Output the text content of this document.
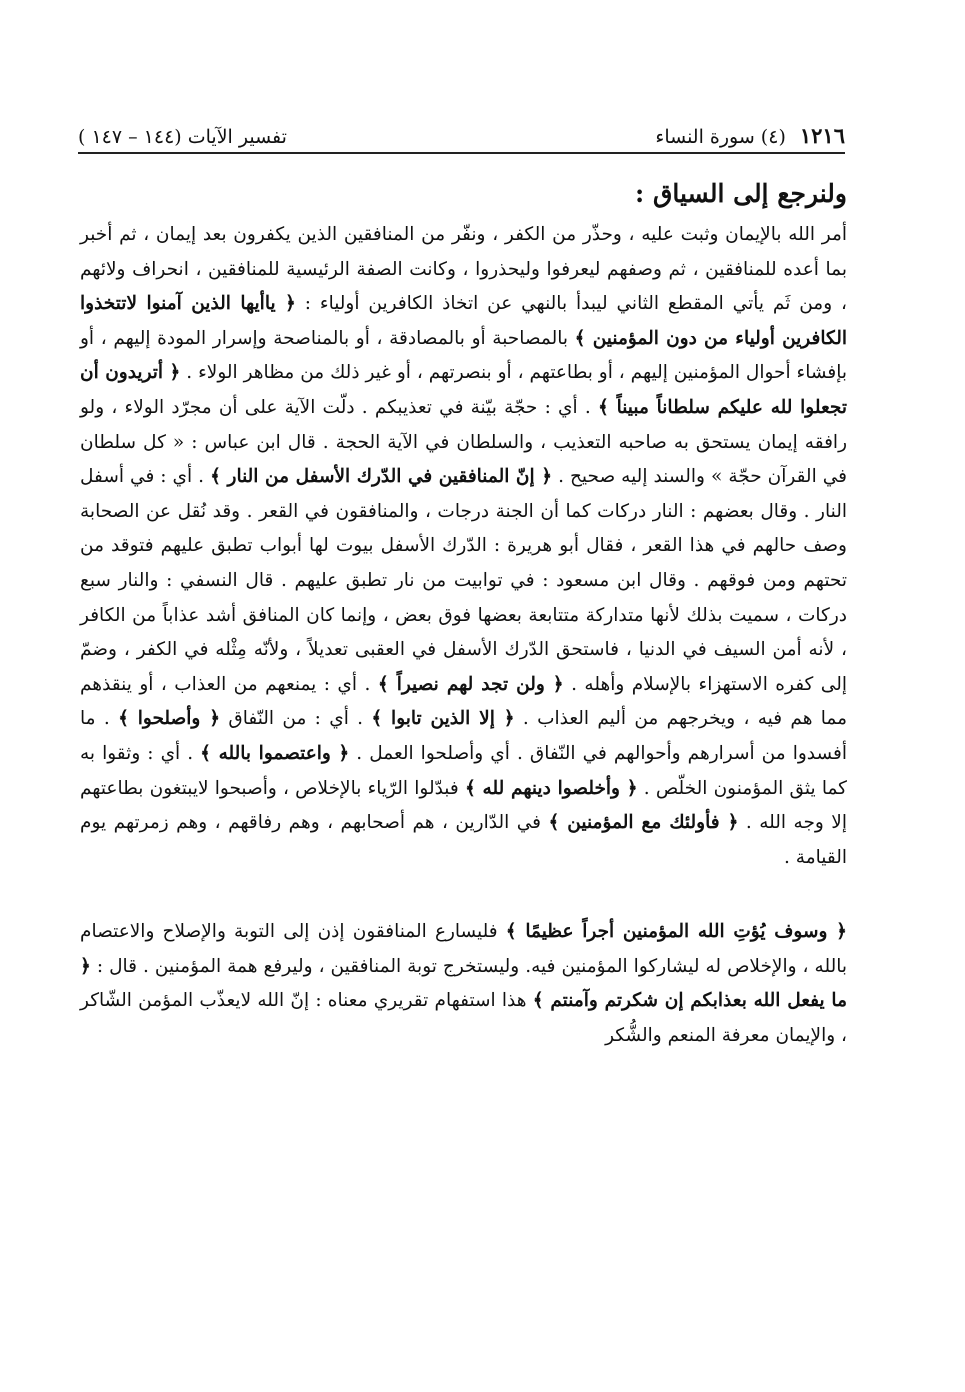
١٢١٦
(٤) سورة النساء
تفسير الآيات (١٤٤ – ١٤٧ )
ولنرجع إلى السياق :

أمر الله بالإيمان وثبت عليه ، وحذّر من الكفر ، ونفّر من المنافقين الذين يكفرون بعد إيمان ، ثم أخبر بما أعده للمنافقين ، ثم وصفهم ليعرفوا وليحذروا ، وكانت الصفة الرئيسية للمنافقين ، انحراف ولائهم ، ومن ثَم يأتي المقطع الثاني ليبدأ بالنهي عن اتخاذ الكافرين أولياء : ﴿ ياأيها الذين آمنوا لاتتخذوا الكافرين أولياء من دون المؤمنين ﴾ بالمصاحبة أو بالمصادقة ، أو بالمناصحة وإسرار المودة إليهم ، أو بإفشاء أحوال المؤمنين إليهم ، أو بطاعتهم ، أو بنصرتهم ، أو غير ذلك من مظاهر الولاء . ﴿ أتريدون أن تجعلوا لله عليكم سلطاناً مبيناً ﴾ . أي : حجّة بيّنة في تعذيبكم . دلّت الآية على أن مجرّد الولاء ، ولو رافقه إيمان يستحق به صاحبه التعذيب ، والسلطان في الآية الحجة . قال ابن عباس : « كل سلطان في القرآن حجّة » والسند إليه صحيح . ﴿ إنّ المنافقين في الدّرك الأسفل من النار ﴾ . أي : في أسفل النار . وقال بعضهم : النار دركات كما أن الجنة درجات ، والمنافقون في القعر . وقد نُقل عن الصحابة وصف حالهم في هذا القعر ، فقال أبو هريرة : الدّرك الأسفل بيوت لها أبواب تطبق عليهم فتوقد من تحتهم ومن فوقهم . وقال ابن مسعود : في توابيت من نار تطبق عليهم . قال النسفي : والنار سبع دركات ، سميت بذلك لأنها متداركة متتابعة بعضها فوق بعض ، وإنما كان المنافق أشد عذاباً من الكافر ، لأنه أمن السيف في الدنيا ، فاستحق الدّرك الأسفل في العقبى تعديلاً ، ولأنّه مِثْله في الكفر ، وضمّ إلى كفره الاستهزاء بالإسلام وأهله . ﴿ ولن تجد لهم نصيراً ﴾ . أي : يمنعهم من العذاب ، أو ينقذهم مما هم فيه ، ويخرجهم من أليم العذاب . ﴿ إلا الذين تابوا ﴾ . أي : من النّفاق ﴿ وأصلحوا ﴾ . ما أفسدوا من أسرارهم وأحوالهم في النّفاق . أي وأصلحوا العمل . ﴿ واعتصموا بالله ﴾ . أي : وثقوا به كما يثق المؤمنون الخلّص . ﴿ وأخلصوا دينهم لله ﴾ فبدّلوا الرّياء بالإخلاص ، وأصبحوا لايبتغون بطاعتهم إلا وجه الله . ﴿ فأولئك مع المؤمنين ﴾ في الدّارين ، هم أصحابهم ، وهم رفاقهم ، وهم زمرتهم يوم القيامة .

﴿ وسوف يُؤتِ الله المؤمنين أجراً عظيمًا ﴾ فليسارع المنافقون إذن إلى التوبة والإصلاح والاعتصام بالله ، والإخلاص له ليشاركوا المؤمنين فيه. وليستخرج توبة المنافقين ، وليرفع همة المؤمنين . قال : ﴿ ما يفعل الله بعذابكم إن شكرتم وآمنتم ﴾ هذا استفهام تقريري معناه : إنّ الله لايعذّب المؤمن الشّاكر ، والإيمان معرفة المنعم والشُّكر
